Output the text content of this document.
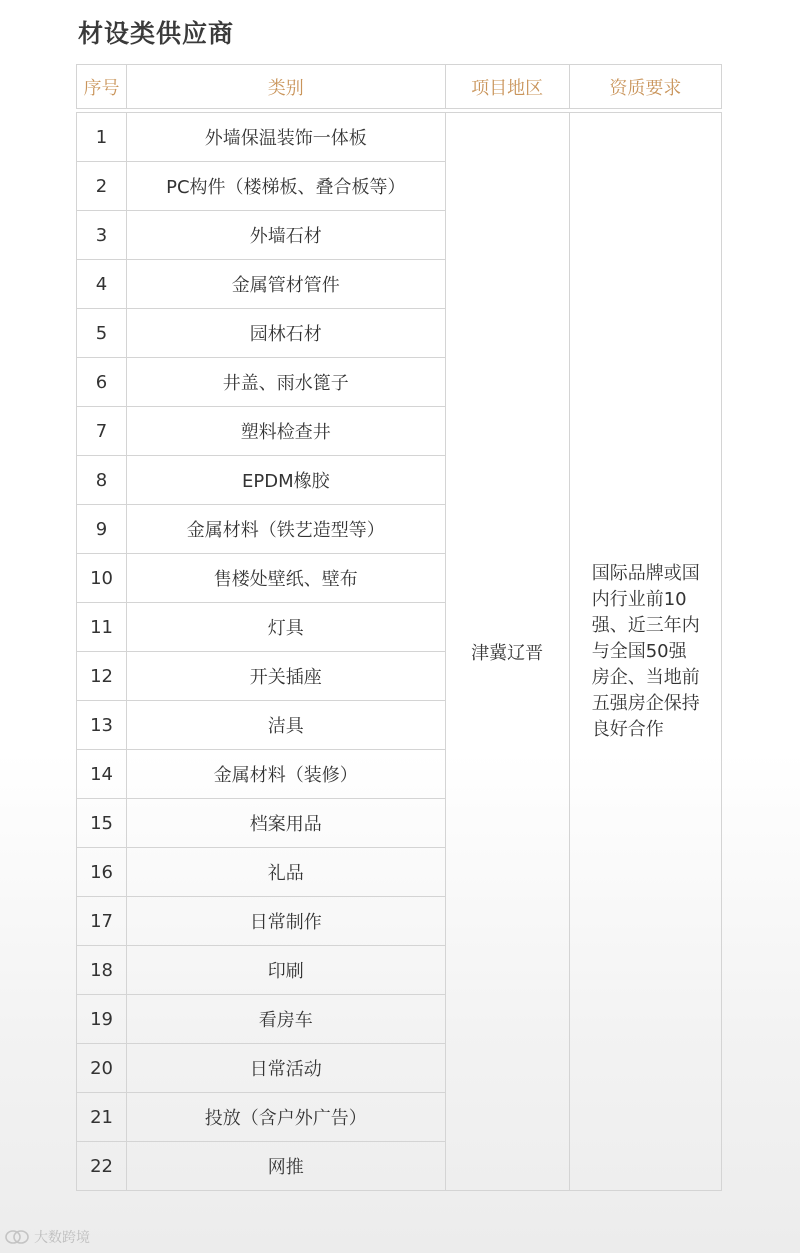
材设类供应商
序号	类别	项目地区	资质要求

1	外墙保温装饰一体板	津冀辽晋	国际品牌或国内行业前10强、近三年内与全国50强房企、当地前五强房企保持良好合作

2	PC构件（楼梯板、叠合板等）		
3	外墙石材		
4	金属管材管件		
5	园林石材		
6	井盖、雨水篦子		
7	塑料检查井		
8	EPDM橡胶		
9	金属材料（铁艺造型等）		
10	售楼处壁纸、壁布		
11	灯具		
12	开关插座		
13	洁具		
14	金属材料（装修）		
15	档案用品		
16	礼品		
17	日常制作		
18	印刷		
19	看房车		
20	日常活动		
21	投放（含户外广告）		
22	网推		
大数跨境
